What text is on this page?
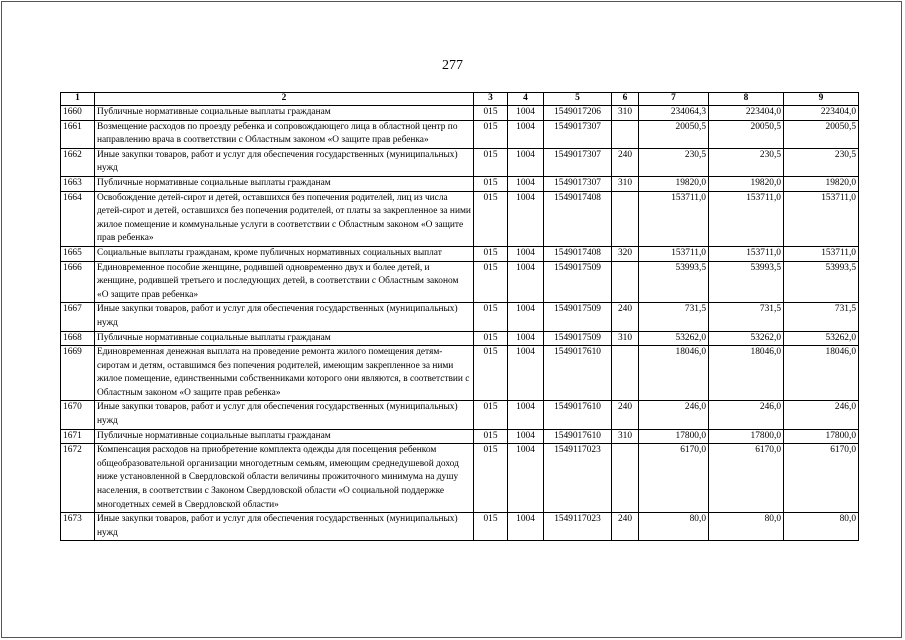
277
1	2	3	4	5	6	7	8	9
1660	Публичные нормативные социальные выплаты гражданам	015	1004	1549017206	310	234064,3	223404,0	223404,0
1661	Возмещение расходов по проезду ребенка и сопровождающего лица в областной центр по направлению врача в соответствии с Областным законом «О защите прав ребенка»	015	1004	1549017307		20050,5	20050,5	20050,5
1662	Иные закупки товаров, работ и услуг для обеспечения государственных (муниципальных) нужд	015	1004	1549017307	240	230,5	230,5	230,5
1663	Публичные нормативные социальные выплаты гражданам	015	1004	1549017307	310	19820,0	19820,0	19820,0
1664	Освобождение детей-сирот и детей, оставшихся без попечения родителей, лиц из числа детей-сирот и детей, оставшихся без попечения родителей, от платы за закрепленное за ними жилое помещение и коммунальные услуги в соответствии с Областным законом «О защите прав ребенка»	015	1004	1549017408		153711,0	153711,0	153711,0
1665	Социальные выплаты гражданам, кроме публичных нормативных социальных выплат	015	1004	1549017408	320	153711,0	153711,0	153711,0
1666	Единовременное пособие женщине, родившей одновременно двух и более детей, и женщине, родившей третьего и последующих детей, в соответствии с Областным законом «О защите прав ребенка»	015	1004	1549017509		53993,5	53993,5	53993,5
1667	Иные закупки товаров, работ и услуг для обеспечения государственных (муниципальных) нужд	015	1004	1549017509	240	731,5	731,5	731,5
1668	Публичные нормативные социальные выплаты гражданам	015	1004	1549017509	310	53262,0	53262,0	53262,0
1669	Единовременная денежная выплата на проведение ремонта жилого помещения детям-сиротам и детям, оставшимся без попечения родителей, имеющим закрепленное за ними жилое помещение, единственными собственниками которого они являются, в соответствии с Областным законом «О защите прав ребенка»	015	1004	1549017610		18046,0	18046,0	18046,0
1670	Иные закупки товаров, работ и услуг для обеспечения государственных (муниципальных) нужд	015	1004	1549017610	240	246,0	246,0	246,0
1671	Публичные нормативные социальные выплаты гражданам	015	1004	1549017610	310	17800,0	17800,0	17800,0
1672	Компенсация расходов на приобретение комплекта одежды для посещения ребенком общеобразовательной организации многодетным семьям, имеющим среднедушевой доход ниже установленной в Свердловской области величины прожиточного минимума на душу населения, в соответствии с Законом Свердловской области «О социальной поддержке многодетных семей в Свердловской области»	015	1004	1549117023		6170,0	6170,0	6170,0
1673	Иные закупки товаров, работ и услуг для обеспечения государственных (муниципальных) нужд	015	1004	1549117023	240	80,0	80,0	80,0
